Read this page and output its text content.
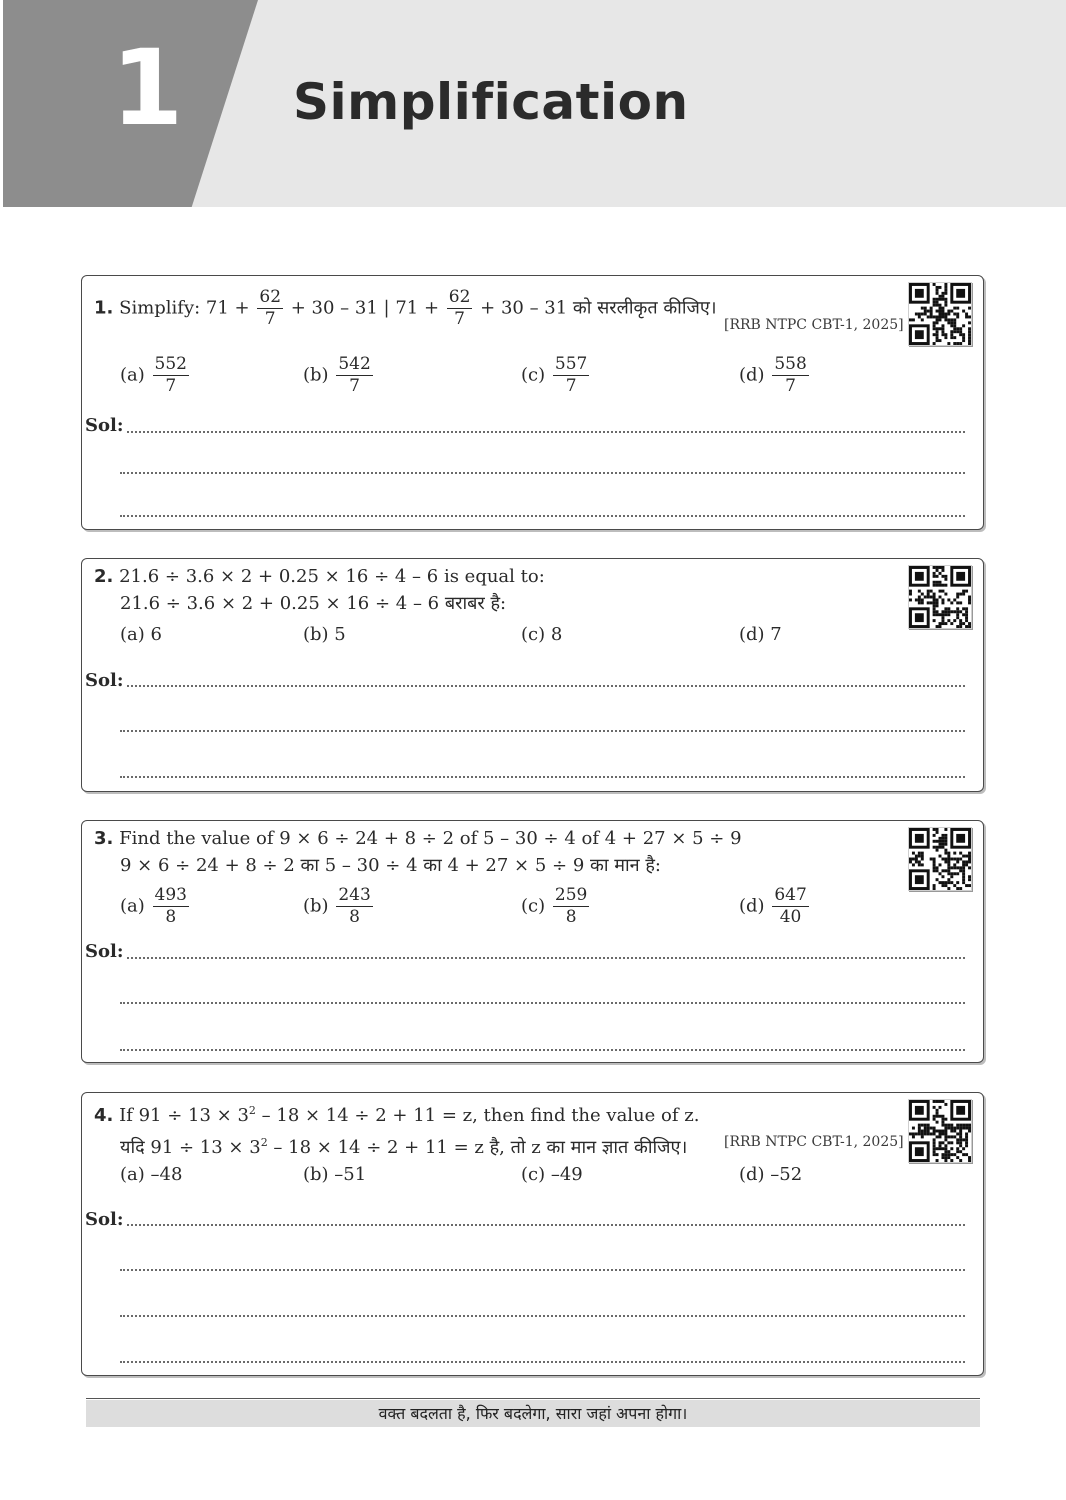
1 Simplification
1. Simplify: $71 + \frac{62}{7} + 30 - 31$ | $71 + \frac{62}{7} + 30 - 31$ को सरलीकृत कीजिए।
[RRB NTPC CBT-1, 2025]
$(a) \frac{552}{7}$	$(b) \frac{542}{7}$	$(c) \frac{557}{7}$	$(d) \frac{558}{7}$
Sol:
2. 21.6 ÷ 3.6 × 2 + 0.25 × 16 ÷ 4 – 6 is equal to:
21.6 ÷ 3.6 × 2 + 0.25 × 16 ÷ 4 – 6 बराबर है:
(a) 6	(b) 5	(c) 8	(d) 7
Sol:
3. Find the value of 9 × 6 ÷ 24 + 8 ÷ 2 of 5 – 30 ÷ 4 of 4 + 27 × 5 ÷ 9
9 × 6 ÷ 24 + 8 ÷ 2 का 5 – 30 ÷ 4 का 4 + 27 × 5 ÷ 9 का मान है:
$(a) \frac{493}{8}$	$(b) \frac{243}{8}$	$(c) \frac{259}{8}$	$(d) \frac{647}{40}$
Sol:
4. If $91 \div 13 \times 3^2 - 18 \times 14 \div 2 + 11 = z$, then find the value of z.
यदि $91 \div 13 \times 3^2 - 18 \times 14 \div 2 + 11 = z$ है, तो z का मान ज्ञात कीजिए।	[RRB NTPC CBT-1, 2025]
(a) –48	(b) –51	(c) –49	(d) –52
Sol:
वक्त बदलता है, फिर बदलेगा, सारा जहां अपना होगा।
